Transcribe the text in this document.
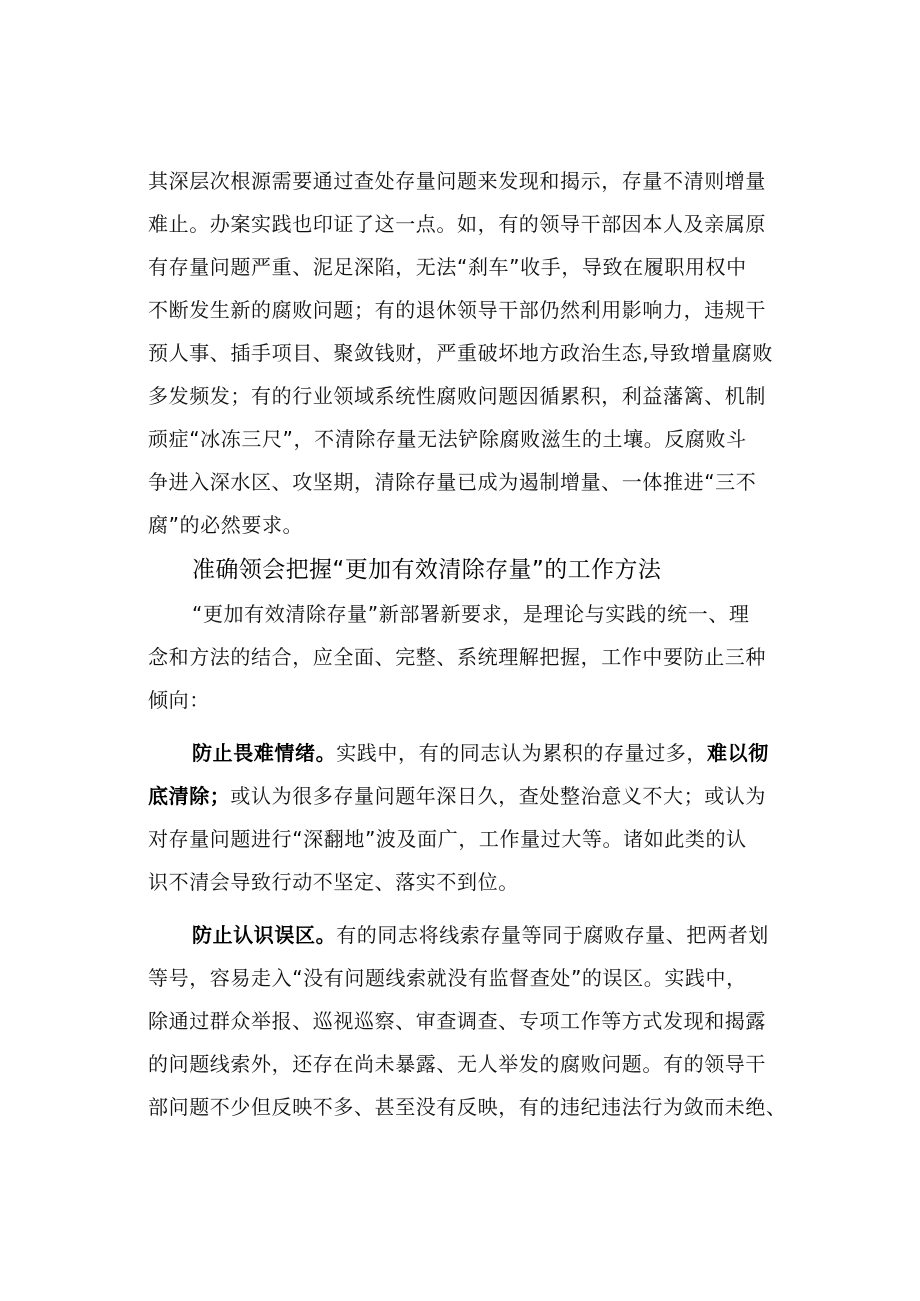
其深层次根源需要通过查处存量问题来发现和揭示，存量不清则增量
难止。办案实践也印证了这一点。如，有的领导干部因本人及亲属原
有存量问题严重、泥足深陷，无法“刹车”收手，导致在履职用权中
不断发生新的腐败问题；有的退休领导干部仍然利用影响力，违规干
预人事、插手项目、聚敛钱财，严重破坏地方政治生态,导致增量腐败
多发频发；有的行业领域系统性腐败问题因循累积，利益藩篱、机制
顽症“冰冻三尺”，不清除存量无法铲除腐败滋生的土壤。反腐败斗
争进入深水区、攻坚期，清除存量已成为遏制增量、一体推进“三不
腐”的必然要求。
准确领会把握“更加有效清除存量”的工作方法
“更加有效清除存量”新部署新要求，是理论与实践的统一、理
念和方法的结合，应全面、完整、系统理解把握，工作中要防止三种
倾向：
防止畏难情绪。实践中，有的同志认为累积的存量过多，难以彻
底清除；或认为很多存量问题年深日久，查处整治意义不大；或认为
对存量问题进行“深翻地”波及面广，工作量过大等。诸如此类的认
识不清会导致行动不坚定、落实不到位。
防止认识误区。有的同志将线索存量等同于腐败存量、把两者划
等号，容易走入“没有问题线索就没有监督查处”的误区。实践中，
除通过群众举报、巡视巡察、审查调查、专项工作等方式发现和揭露
的问题线索外，还存在尚未暴露、无人举发的腐败问题。有的领导干
部问题不少但反映不多、甚至没有反映，有的违纪违法行为敛而未绝、
